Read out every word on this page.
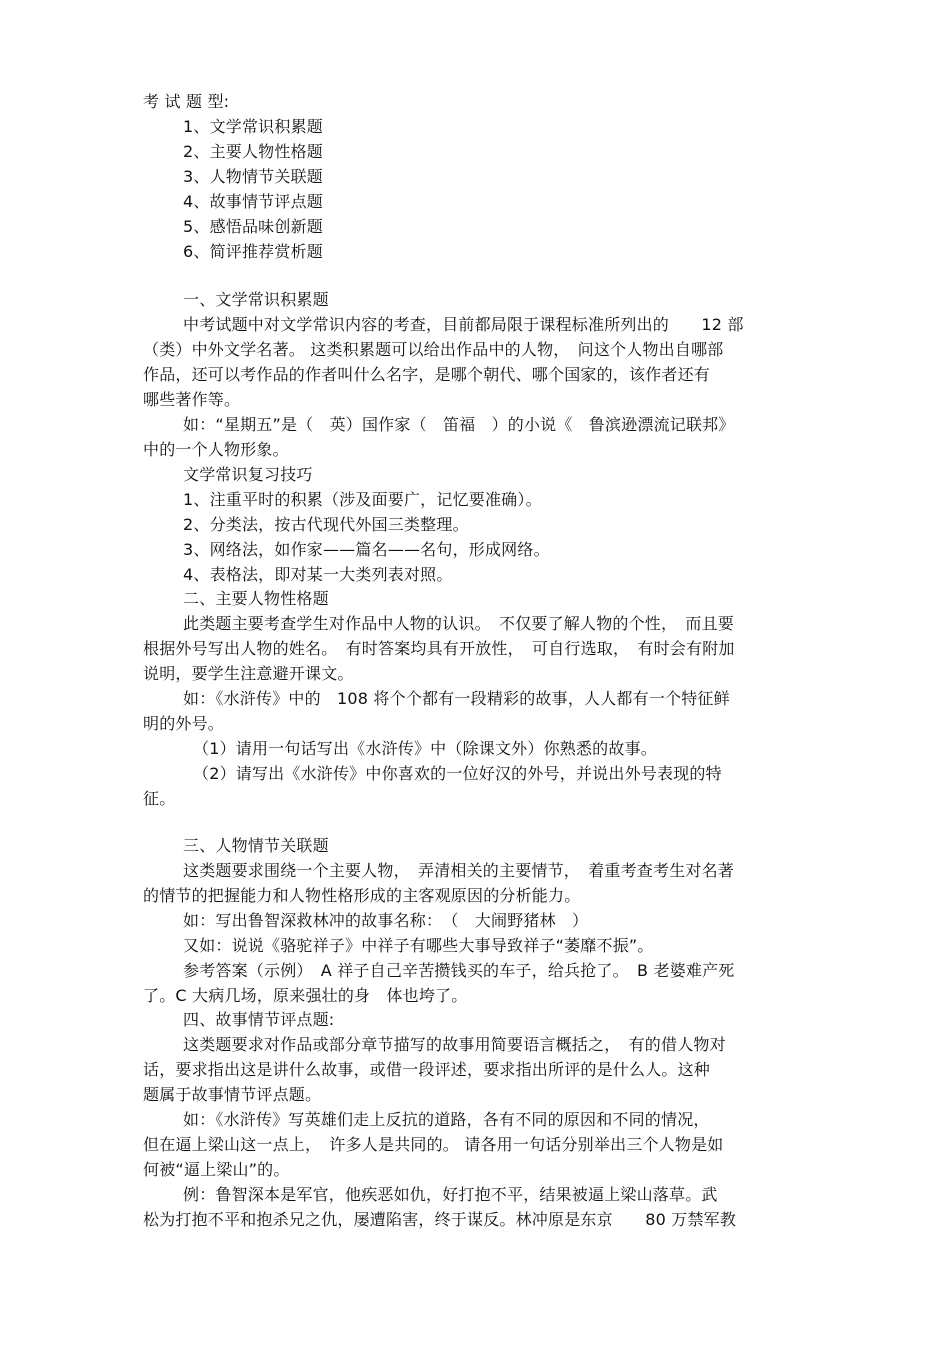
考 试 题 型:
1、文学常识积累题
2、主要人物性格题
3、人物情节关联题
4、故事情节评点题
5、感悟品味创新题
6、简评推荐赏析题
一、文学常识积累题
中考试题中对文学常识内容的考查，目前都局限于课程标准所列出的　　12 部
（类）中外文学名著。 这类积累题可以给出作品中的人物，　问这个人物出自哪部
作品，还可以考作品的作者叫什么名字，是哪个朝代、哪个国家的，该作者还有
哪些著作等。
如：“星期五”是（　英）国作家（　笛福　）的小说《　鲁滨逊漂流记联邦》
中的一个人物形象。
文学常识复习技巧
1、注重平时的积累（涉及面要广，记忆要准确）。
2、分类法，按古代现代外国三类整理。
3、网络法，如作家——篇名——名句，形成网络。
4、表格法，即对某一大类列表对照。
二、主要人物性格题
此类题主要考查学生对作品中人物的认识。　不仅要了解人物的个性，　而且要
根据外号写出人物的姓名。　有时答案均具有开放性，　可自行选取，　有时会有附加
说明，要学生注意避开课文。
如：《水浒传》中的　108 将个个都有一段精彩的故事，人人都有一个特征鲜
明的外号。
（1）请用一句话写出《水浒传》中（除课文外）你熟悉的故事。
（2）请写出《水浒传》中你喜欢的一位好汉的外号，并说出外号表现的特
征。
三、人物情节关联题
这类题要求围绕一个主要人物，　弄清相关的主要情节，　着重考查考生对名著
的情节的把握能力和人物性格形成的主客观原因的分析能力。
如：写出鲁智深救林冲的故事名称：　（　大闹野猪林　）
又如：说说《骆驼祥子》中祥子有哪些大事导致祥子“萎靡不振”。
参考答案（示例）　A 祥子自己辛苦攒钱买的车子，给兵抢了。　B 老婆难产死
了。C 大病几场，原来强壮的身　体也垮了。
四、故事情节评点题:
这类题要求对作品或部分章节描写的故事用简要语言概括之，　有的借人物对
话，要求指出这是讲什么故事，或借一段评述，要求指出所评的是什么人。这种
题属于故事情节评点题。
如：《水浒传》写英雄们走上反抗的道路，各有不同的原因和不同的情况，
但在逼上梁山这一点上，　许多人是共同的。 请各用一句话分别举出三个人物是如
何被“逼上梁山”的。
例：鲁智深本是军官，他疾恶如仇，好打抱不平，结果被逼上梁山落草。武
松为打抱不平和抱杀兄之仇，屡遭陷害，终于谋反。林冲原是东京　　80 万禁军教
